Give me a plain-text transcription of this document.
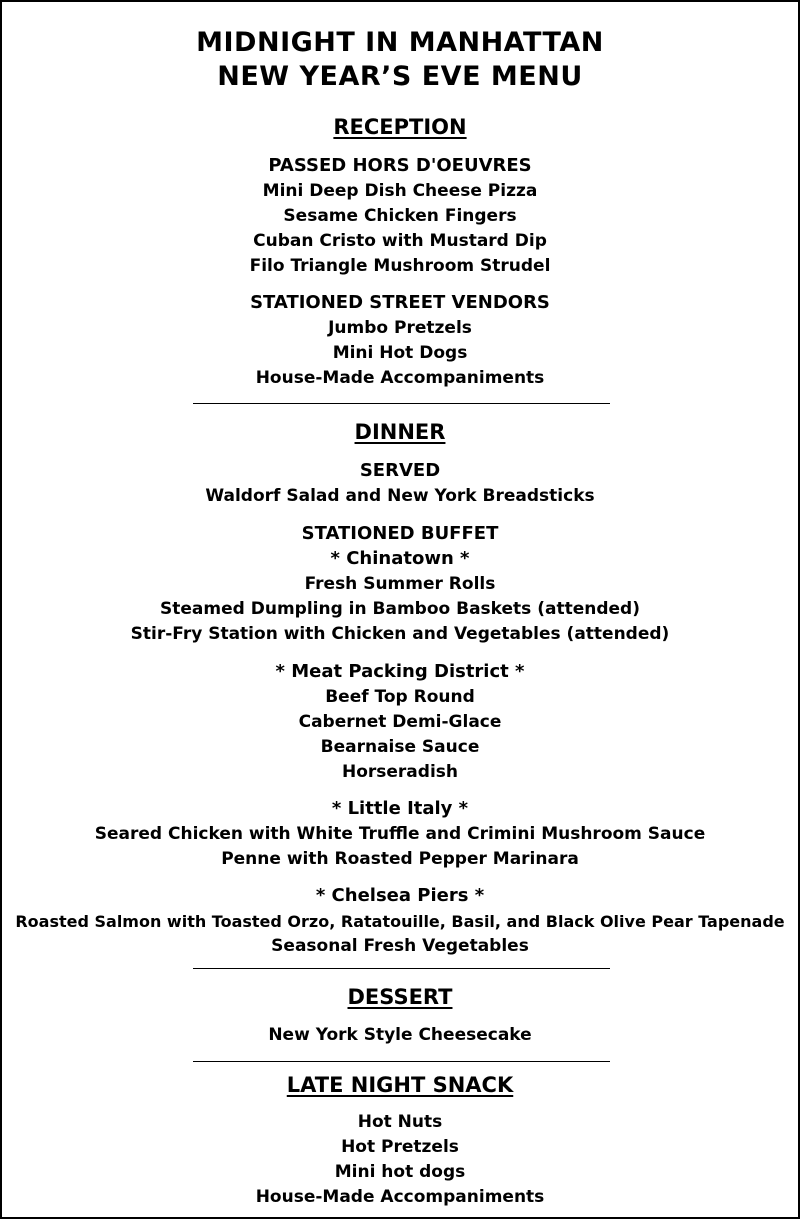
MIDNIGHT IN MANHATTAN
NEW YEAR’S EVE MENU
RECEPTION
PASSED HORS D'OEUVRES
Mini Deep Dish Cheese Pizza
Sesame Chicken Fingers
Cuban Cristo with Mustard Dip
Filo Triangle Mushroom Strudel
STATIONED STREET VENDORS
Jumbo Pretzels
Mini Hot Dogs
House-Made Accompaniments
DINNER
SERVED
Waldorf Salad and New York Breadsticks
STATIONED BUFFET
* Chinatown *
Fresh Summer Rolls
Steamed Dumpling in Bamboo Baskets (attended)
Stir-Fry Station with Chicken and Vegetables (attended)
* Meat Packing District *
Beef Top Round
Cabernet Demi-Glace
Bearnaise Sauce
Horseradish
* Little Italy *
Seared Chicken with White Truffle and Crimini Mushroom Sauce
Penne with Roasted Pepper Marinara
* Chelsea Piers *
Roasted Salmon with Toasted Orzo, Ratatouille, Basil, and Black Olive Pear Tapenade
Seasonal Fresh Vegetables
DESSERT
New York Style Cheesecake
LATE NIGHT SNACK
Hot Nuts
Hot Pretzels
Mini hot dogs
House-Made Accompaniments
